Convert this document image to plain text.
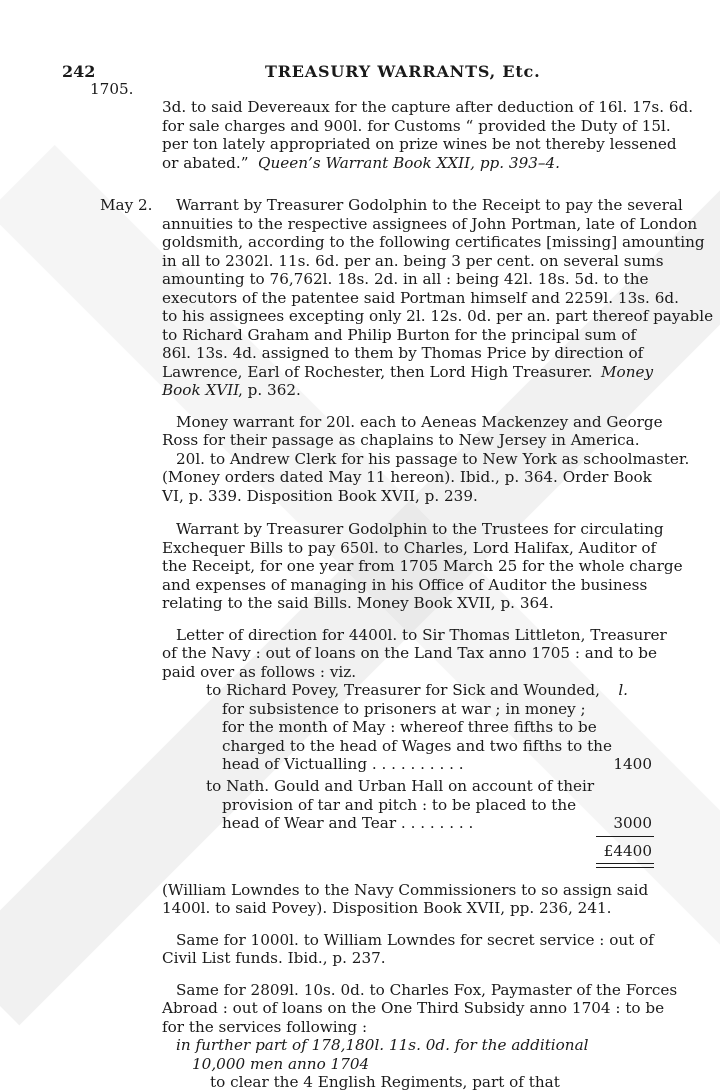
242	TREASURY WARRANTS, Etc.
1705.
3d. to said Devereaux for the capture after deduction of 16l. 17s. 6d.
for sale charges and 900l. for Customs “ provided the Duty of 15l.
per ton lately appropriated on prize wines be not thereby lessened
or abated.” Queen’s Warrant Book XXII, pp. 393–4.
May 2. Warrant by Treasurer Godolphin to the Receipt to pay the several
annuities to the respective assignees of John Portman, late of London
goldsmith, according to the following certificates [missing] amounting
in all to 2302l. 11s. 6d. per an. being 3 per cent. on several sums
amounting to 76,762l. 18s. 2d. in all : being 42l. 18s. 5d. to the
executors of the patentee said Portman himself and 2259l. 13s. 6d.
to his assignees excepting only 2l. 12s. 0d. per an. part thereof payable
to Richard Graham and Philip Burton for the principal sum of
86l. 13s. 4d. assigned to them by Thomas Price by direction of
Lawrence, Earl of Rochester, then Lord High Treasurer. Money
Book XVII
, p. 362.
Money warrant for 20l. each to Aeneas Mackenzey and George
Ross for their passage as chaplains to New Jersey in America.
20l. to Andrew Clerk for his passage to New York as schoolmaster.
(Money orders dated May 11 hereon). Ibid., p. 364. Order Book
VI, p. 339. Disposition Book XVII, p. 239.
Warrant by Treasurer Godolphin to the Trustees for circulating
Exchequer Bills to pay 650l. to Charles, Lord Halifax, Auditor of
the Receipt, for one year from 1705 March 25 for the whole charge
and expenses of managing in his Office of Auditor the business
relating to the said Bills. Money Book XVII, p. 364.
Letter of direction for 4400l. to Sir Thomas Littleton, Treasurer
of the Navy : out of loans on the Land Tax anno 1705 : and to be
paid over as follows : viz.
l.
to Richard Povey, Treasurer for Sick and Wounded,
for subsistence to prisoners at war ; in money ;
for the month of May : whereof three fifths to be
charged to the head of Wages and two fifths to the
head of Victualling . . . . . . . . . .	1400
to Nath. Gould and Urban Hall on account of their
provision of tar and pitch : to be placed to the
head of Wear and Tear . . . . . . . .	3000
£4400
(William Lowndes to the Navy Commissioners to so assign said
1400l. to said Povey). Disposition Book XVII, pp. 236, 241.
Same for 1000l. to William Lowndes for secret service : out of
Civil List funds. Ibid., p. 237.
Same for 2809l. 10s. 0d. to Charles Fox, Paymaster of the Forces
Abroad : out of loans on the One Third Subsidy anno 1704 : to be
for the services following :
in further part of 178,180l. 11s. 0d. for the additional
10,000 men anno 1704
to clear the 4 English Regiments, part of that
